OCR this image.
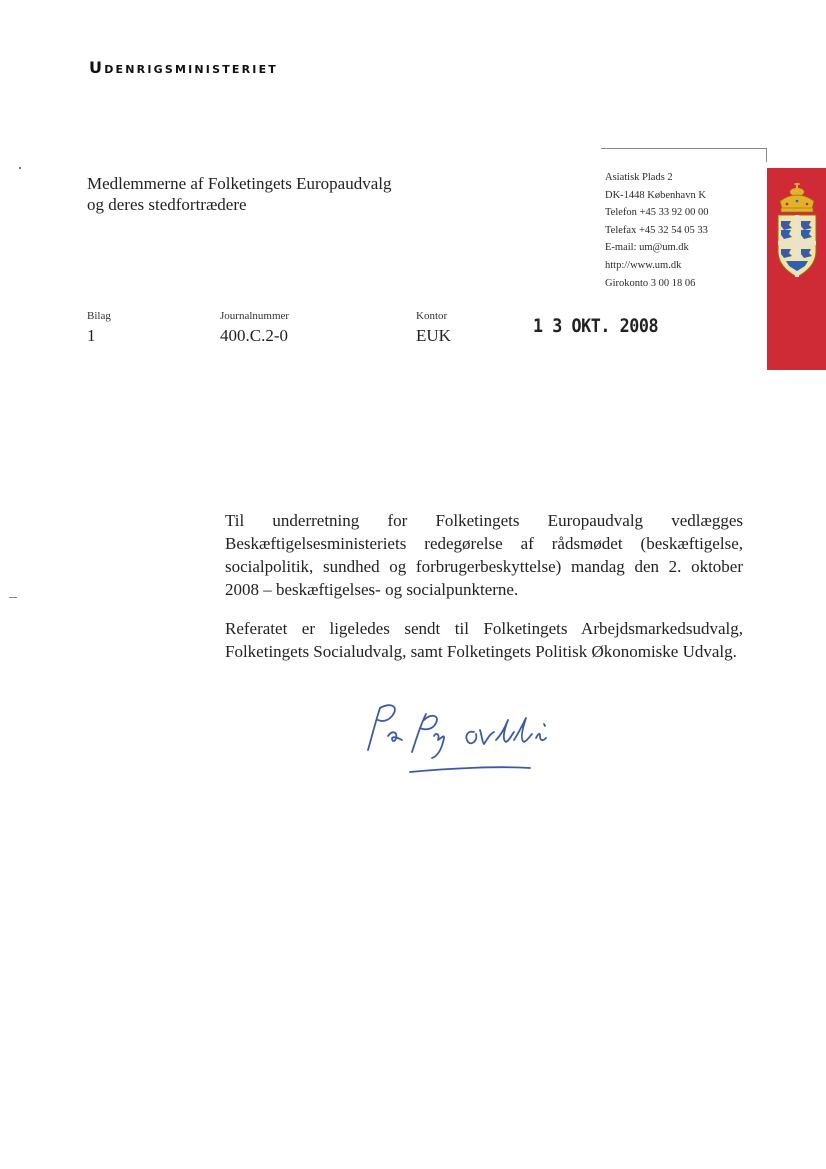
Udenrigsministeriet
Medlemmerne af Folketingets Europaudvalg
og deres stedfortrædere
Asiatisk Plads 2
DK-1448 København K
Telefon +45 33 92 00 00
Telefax +45 32 54 05 33
E-mail: um@um.dk
http://www.um.dk
Girokonto 3 00 18 06
Bilag
1
Journalnummer
400.C.2-0
Kontor
EUK	1 3 OKT. 2008

Til underretning for Folketingets Europaudvalg vedlægges Beskæftigelsesministeriets redegørelse af rådsmødet (beskæftigelse, socialpolitik, sundhed og forbrugerbeskyttelse) mandag den 2. oktober 2008 – beskæftigelses- og socialpunkterne.

Referatet er ligeledes sendt til Folketingets Arbejdsmarkedsudvalg, Folketingets Socialudvalg, samt Folketingets Politisk Økonomiske Udvalg.
